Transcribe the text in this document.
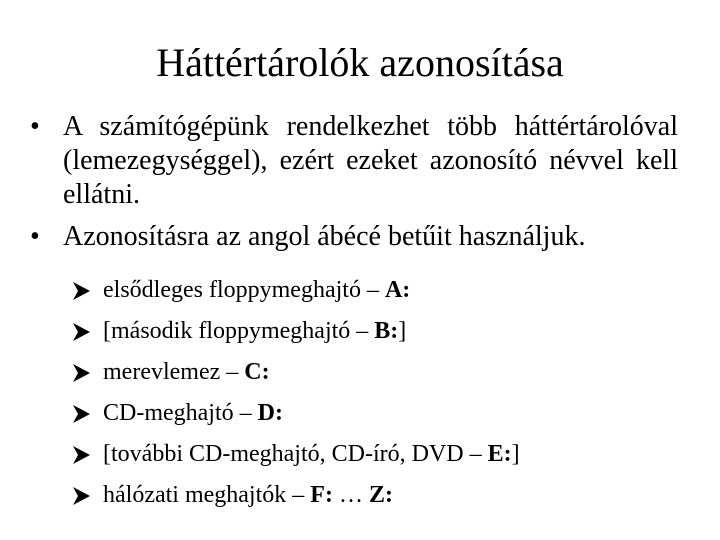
Háttértárolók azonosítása
• A számítógépünk rendelkezhet több háttértárolóval (lemezegységgel), ezért ezeket azonosító névvel kell ellátni.
• Azonosításra az angol ábécé betűit használjuk.
elsődleges floppymeghajtó – A:
[második floppymeghajtó – B:]
merevlemez – C:
CD-meghajtó – D:
[további CD-meghajtó, CD-író, DVD – E:]
hálózati meghajtók – F: … Z:
